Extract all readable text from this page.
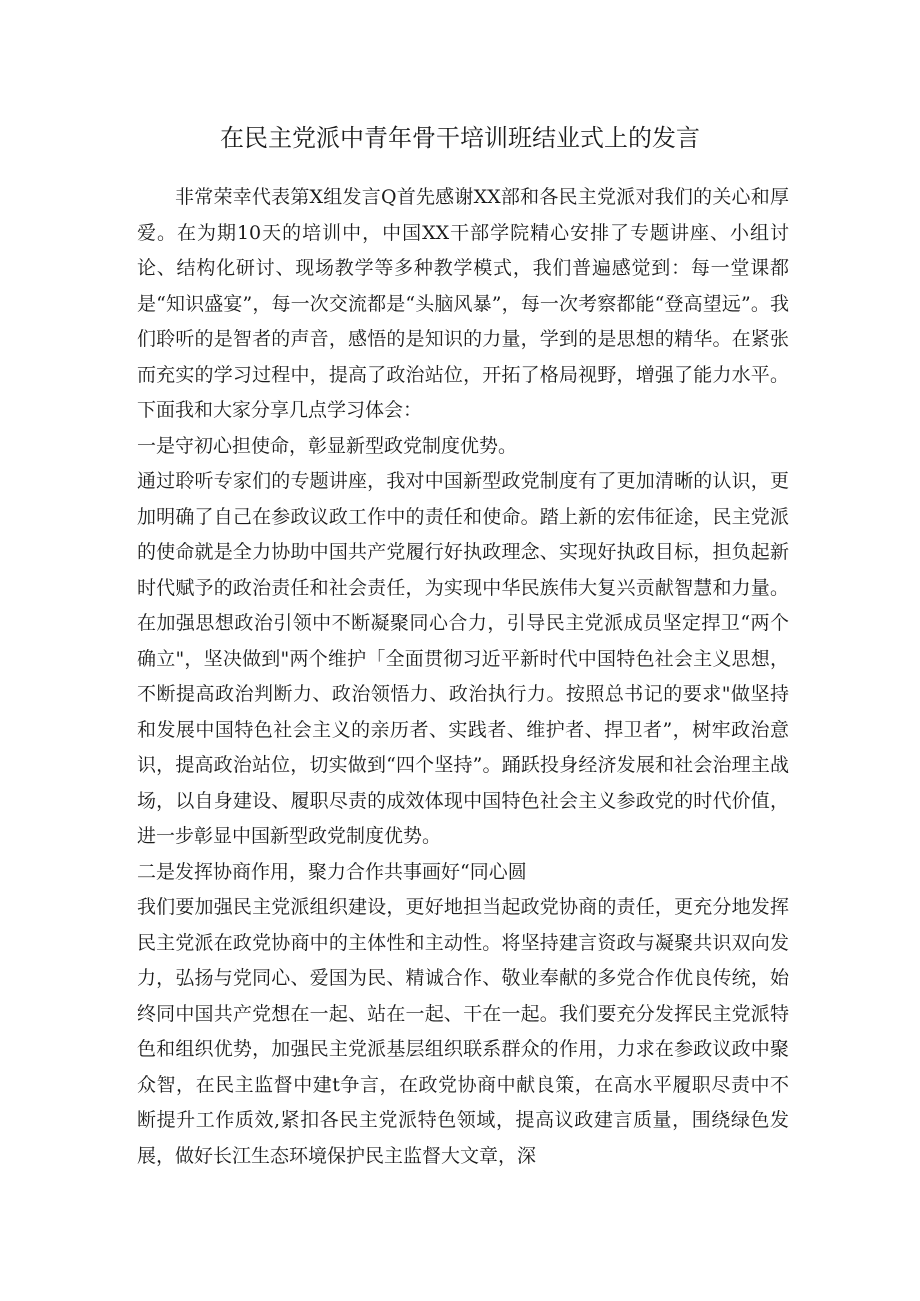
在民主党派中青年骨干培训班结业式上的发言

非常荣幸代表第X组发言Q首先感谢XX部和各民主党派对我们的关心和厚爱。在为期10天的培训中，中国XX干部学院精心安排了专题讲座、小组讨论、结构化研讨、现场教学等多种教学模式，我们普遍感觉到：每一堂课都是“知识盛宴”，每一次交流都是“头脑风暴”，每一次考察都能“登高望远”。我们聆听的是智者的声音，感悟的是知识的力量，学到的是思想的精华。在紧张而充实的学习过程中，提高了政治站位，开拓了格局视野，增强了能力水平。下面我和大家分享几点学习体会：

一是守初心担使命，彰显新型政党制度优势。

通过聆听专家们的专题讲座，我对中国新型政党制度有了更加清晰的认识，更加明确了自己在参政议政工作中的责任和使命。踏上新的宏伟征途，民主党派的使命就是全力协助中国共产党履行好执政理念、实现好执政目标，担负起新时代赋予的政治责任和社会责任，为实现中华民族伟大复兴贡献智慧和力量。在加强思想政治引领中不断凝聚同心合力，引导民主党派成员坚定捍卫“两个确立"，坚决做到"两个维护「全面贯彻习近平新时代中国特色社会主义思想，不断提高政治判断力、政治领悟力、政治执行力。按照总书记的要求"做坚持和发展中国特色社会主义的亲历者、实践者、维护者、捍卫者”，树牢政治意识，提高政治站位，切实做到“四个坚持”。踊跃投身经济发展和社会治理主战场，以自身建设、履职尽责的成效体现中国特色社会主义参政党的时代价值，进一步彰显中国新型政党制度优势。

二是发挥协商作用，聚力合作共事画好“同心圆

我们要加强民主党派组织建设，更好地担当起政党协商的责任，更充分地发挥民主党派在政党协商中的主体性和主动性。将坚持建言资政与凝聚共识双向发力，弘扬与党同心、爱国为民、精诚合作、敬业奉献的多党合作优良传统，始终同中国共产党想在一起、站在一起、干在一起。我们要充分发挥民主党派特色和组织优势，加强民主党派基层组织联系群众的作用，力求在参政议政中聚众智，在民主监督中建t争言，在政党协商中献良策，在高水平履职尽责中不断提升工作质效,紧扣各民主党派特色领域，提高议政建言质量，围绕绿色发展，做好长江生态环境保护民主监督大文章，深
